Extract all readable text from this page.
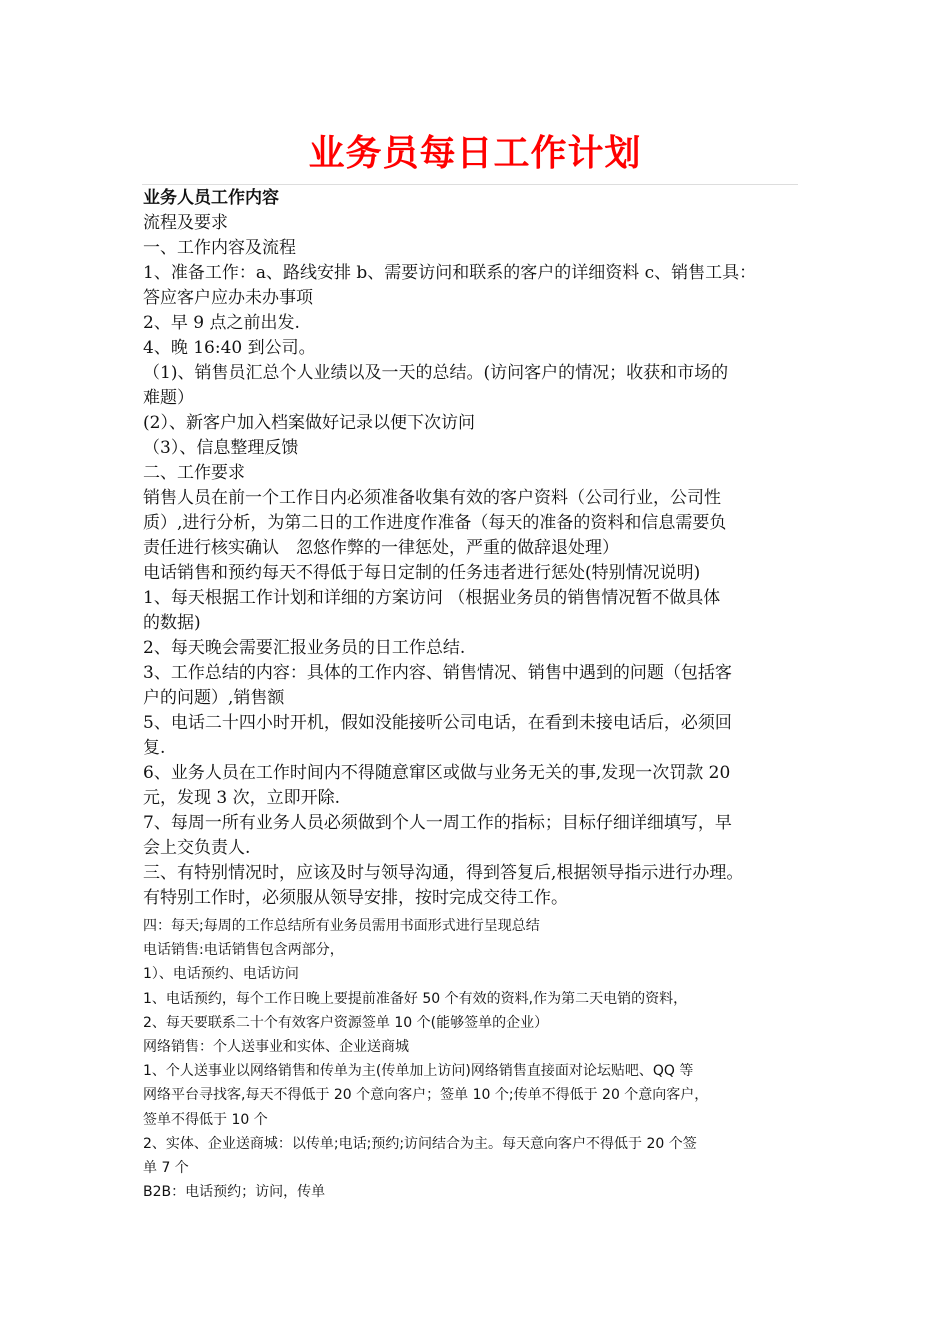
业务员每日工作计划

业务人员工作内容

流程及要求

一、工作内容及流程

1、准备工作：a、路线安排 b、需要访问和联系的客户的详细资料 c、销售工具：

答应客户应办未办事项

2、早 9 点之前出发.

4、晚 16:40 到公司。

（1)、销售员汇总个人业绩以及一天的总结。(访问客户的情况；收获和市场的

难题）

(2）、新客户加入档案做好记录以便下次访问

（3）、信息整理反馈

二、工作要求

销售人员在前一个工作日内必须准备收集有效的客户资料（公司行业，公司性

质）,进行分析，为第二日的工作进度作准备（每天的准备的资料和信息需要负

责任进行核实确认　忽悠作弊的一律惩处，严重的做辞退处理）

电话销售和预约每天不得低于每日定制的任务违者进行惩处(特别情况说明)

1、每天根据工作计划和详细的方案访问 （根据业务员的销售情况暂不做具体

的数据)

2、每天晚会需要汇报业务员的日工作总结.

3、工作总结的内容：具体的工作内容、销售情况、销售中遇到的问题（包括客

户的问题）,销售额

5、电话二十四小时开机，假如没能接听公司电话，在看到未接电话后，必须回

复.

6、业务人员在工作时间内不得随意窜区或做与业务无关的事,发现一次罚款 20

元，发现 3 次，立即开除.

7、每周一所有业务人员必须做到个人一周工作的指标；目标仔细详细填写，早

会上交负责人.

三、有特别情况时，应该及时与领导沟通，得到答复后,根据领导指示进行办理。

有特别工作时，必须服从领导安排，按时完成交待工作。

四：每天;每周的工作总结所有业务员需用书面形式进行呈现总结

电话销售:电话销售包含两部分，

1）、电话预约、电话访问

1、电话预约，每个工作日晚上要提前准备好 50 个有效的资料,作为第二天电销的资料，

2、每天要联系二十个有效客户资源签单 10 个(能够签单的企业）

网络销售：个人送事业和实体、企业送商城

1、个人送事业以网络销售和传单为主(传单加上访问)网络销售直接面对论坛贴吧、QQ 等

网络平台寻找客,每天不得低于 20 个意向客户；签单 10 个;传单不得低于 20 个意向客户，

签单不得低于 10 个

2、实体、企业送商城：以传单;电话;预约;访问结合为主。每天意向客户不得低于 20 个签

单 7 个

B2B：电话预约；访问，传单
